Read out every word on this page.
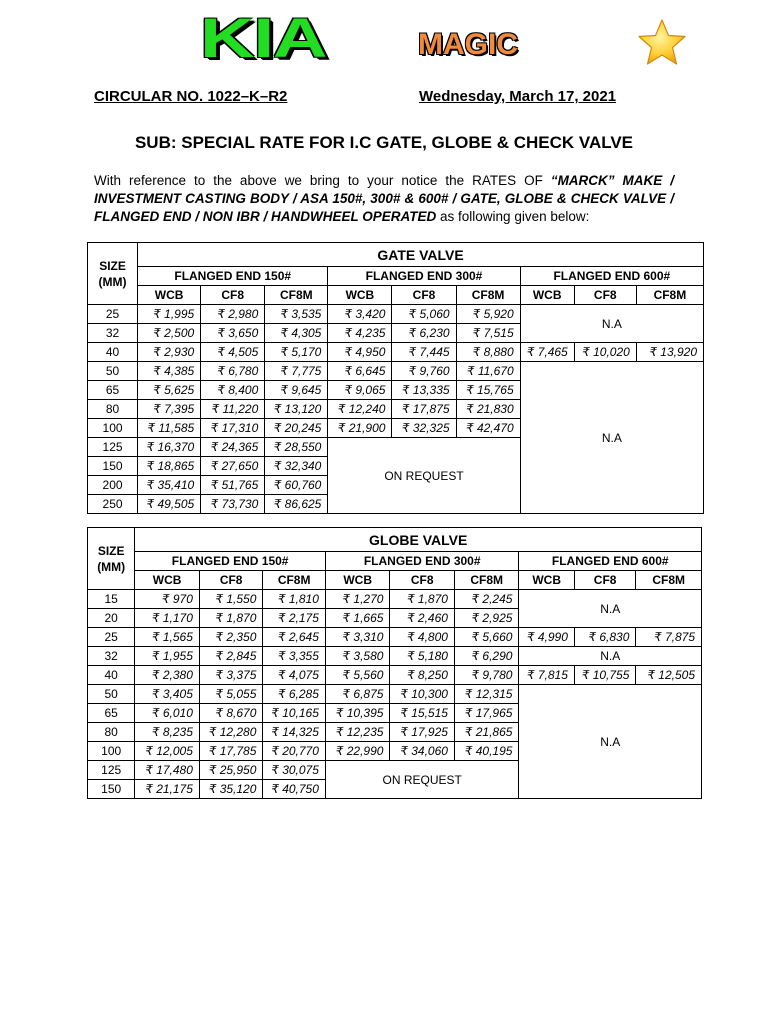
KIA	MAGIC
CIRCULAR NO. 1022–K–R2	Wednesday, March 17, 2021
SUB: SPECIAL RATE FOR I.C GATE, GLOBE & CHECK VALVE
With reference to the above we bring to your notice the RATES OF “MARCK” MAKE / INVESTMENT CASTING BODY / ASA 150#, 300# & 600# / GATE, GLOBE & CHECK VALVE / FLANGED END / NON IBR / HANDWHEEL OPERATED as following given below:
SIZE
(MM)	GATE VALVE								
	FLANGED END 150#			FLANGED END 300#			FLANGED END 600#		
	WCB	CF8	CF8M	WCB	CF8	CF8M	WCB	CF8	CF8M
25	₹ 1,995	₹ 2,980	₹ 3,535	₹ 3,420	₹ 5,060	₹ 5,920	N.A		
32	₹ 2,500	₹ 3,650	₹ 4,305	₹ 4,235	₹ 6,230	₹ 7,515			
40	₹ 2,930	₹ 4,505	₹ 5,170	₹ 4,950	₹ 7,445	₹ 8,880	₹ 7,465	₹ 10,020	₹ 13,920
50	₹ 4,385	₹ 6,780	₹ 7,775	₹ 6,645	₹ 9,760	₹ 11,670	N.A		
65	₹ 5,625	₹ 8,400	₹ 9,645	₹ 9,065	₹ 13,335	₹ 15,765			
80	₹ 7,395	₹ 11,220	₹ 13,120	₹ 12,240	₹ 17,875	₹ 21,830			
100	₹ 11,585	₹ 17,310	₹ 20,245	₹ 21,900	₹ 32,325	₹ 42,470			
125	₹ 16,370	₹ 24,365	₹ 28,550	ON REQUEST					
150	₹ 18,865	₹ 27,650	₹ 32,340						
200	₹ 35,410	₹ 51,765	₹ 60,760						
250	₹ 49,505	₹ 73,730	₹ 86,625						
SIZE
(MM)	GLOBE VALVE								
	FLANGED END 150#			FLANGED END 300#			FLANGED END 600#		
	WCB	CF8	CF8M	WCB	CF8	CF8M	WCB	CF8	CF8M
15	₹ 970	₹ 1,550	₹ 1,810	₹ 1,270	₹ 1,870	₹ 2,245	N.A		
20	₹ 1,170	₹ 1,870	₹ 2,175	₹ 1,665	₹ 2,460	₹ 2,925			
25	₹ 1,565	₹ 2,350	₹ 2,645	₹ 3,310	₹ 4,800	₹ 5,660	₹ 4,990	₹ 6,830	₹ 7,875
32	₹ 1,955	₹ 2,845	₹ 3,355	₹ 3,580	₹ 5,180	₹ 6,290	N.A		
40	₹ 2,380	₹ 3,375	₹ 4,075	₹ 5,560	₹ 8,250	₹ 9,780	₹ 7,815	₹ 10,755	₹ 12,505
50	₹ 3,405	₹ 5,055	₹ 6,285	₹ 6,875	₹ 10,300	₹ 12,315	N.A		
65	₹ 6,010	₹ 8,670	₹ 10,165	₹ 10,395	₹ 15,515	₹ 17,965			
80	₹ 8,235	₹ 12,280	₹ 14,325	₹ 12,235	₹ 17,925	₹ 21,865			
100	₹ 12,005	₹ 17,785	₹ 20,770	₹ 22,990	₹ 34,060	₹ 40,195			
125	₹ 17,480	₹ 25,950	₹ 30,075	ON REQUEST					
150	₹ 21,175	₹ 35,120	₹ 40,750						
